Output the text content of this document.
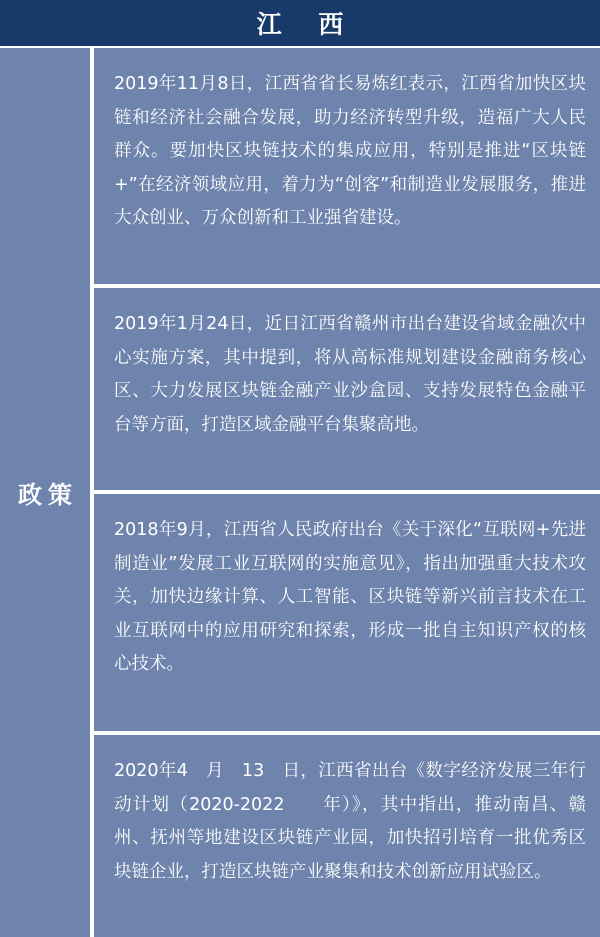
江 西
政策
2019年11月8日，江西省省长易炼红表示，江西省加快区块链和经济社会融合发展，助力经济转型升级，造福广大人民群众。要加快区块链技术的集成应用，特别是推进“区块链+”在经济领域应用，着力为“创客”和制造业发展服务，推进大众创业、万众创新和工业强省建设。
2019年1月24日，近日江西省赣州市出台建设省域金融次中心实施方案，其中提到，将从高标准规划建设金融商务核心区、大力发展区块链金融产业沙盒园、支持发展特色金融平台等方面，打造区域金融平台集聚高地。
2018年9月，江西省人民政府出台《关于深化“互联网+先进制造业”发展工业互联网的实施意见》，指出加强重大技术攻关，加快边缘计算、人工智能、区块链等新兴前言技术在工业互联网中的应用研究和探索，形成一批自主知识产权的核心技术。
2020年4　月　13　日，江西省出台《数字经济发展三年行动计划（2020-2022　　年）》，其中指出，推动南昌、赣州、抚州等地建设区块链产业园，加快招引培育一批优秀区块链企业，打造区块链产业聚集和技术创新应用试验区。
